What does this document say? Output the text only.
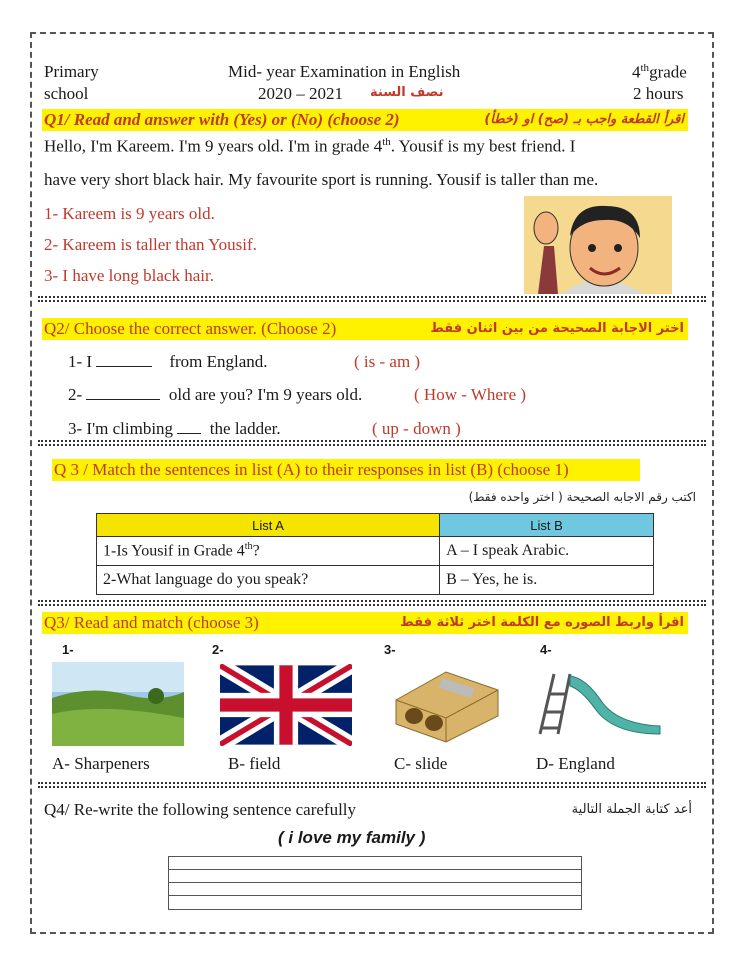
Primary
school
Mid- year Examination in English
2020 – 2021 نصف السنة
4thgrade
2 hours
Q1/ Read and answer with (Yes) or (No) (choose 2)	اقرأ القطعة واجب بـ (صح) او (خطأ)
Hello, I'm Kareem. I'm 9 years old. I'm in grade 4th. Yousif is my best friend. I
have very short black hair. My favourite sport is running. Yousif is taller than me.
1- Kareem is 9 years old.
2- Kareem is taller than Yousif.
3- I have long black hair.
Q2/ Choose the correct answer. (Choose 2)	اختر الاجابة الصحيحة من بين اثنان فقط
1- I	from England.	( is - am )
2-	old are you? I'm 9 years old.	( How - Where )
3- I'm climbing the ladder.	( up - down )
Q 3 / Match the sentences in list (A) to their responses in list (B) (choose 1)
اكتب رقم الاجابه الصحيحة ( اختر واحده فقط)
List A	List B
1-Is Yousif in Grade 4th?	A – I speak Arabic.
2-What language do you speak?	B – Yes, he is.
Q3/ Read and match (choose 3)	اقرأ واربط الصوره مع الكلمة اختر ثلاثة فقط
1-	2-	3-	4-
A- Sharpeners	B- field	C- slide	D- England
Q4/ Re-write the following sentence carefully	أعد كتابة الجملة التالية
( i love my family )
